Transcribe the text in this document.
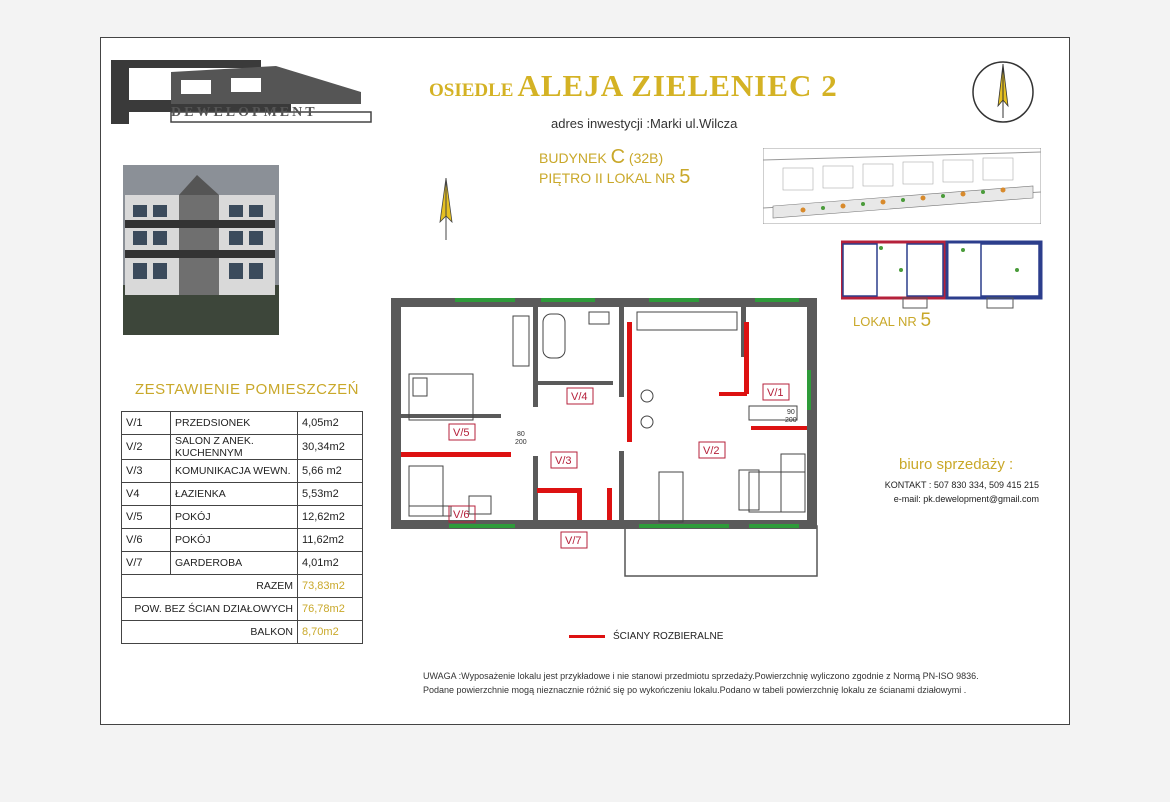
DEWELOPMENT
OSIEDLE ALEJA ZIELENIEC 2
adres inwestycji :Marki ul.Wilcza
BUDYNEK C (32B)
PIĘTRO II LOKAL NR 5
LOKAL NR 5
ZESTAWIENIE POMIESZCZEŃ
V/1	PRZEDSIONEK	4,05m2
V/2	SALON Z ANEK. KUCHENNYM	30,34m2
V/3	KOMUNIKACJA WEWN.	5,66 m2
V4	ŁAZIENKA	5,53m2
V/5	POKÓJ	12,62m2
V/6	POKÓJ	11,62m2
V/7	GARDEROBA	4,01m2
RAZEM		73,83m2
POW. BEZ ŚCIAN DZIAŁOWYCH		76,78m2
BALKON		8,70m2
V/4	V/1
V/5
V/3
V/2
V/6
V/7
80
200
90
200
ŚCIANY ROZBIERALNE
biuro sprzedaży :
KONTAKT : 507 830 334, 509 415 215
e-mail: pk.dewelopment@gmail.com
UWAGA :Wyposażenie lokalu jest przykładowe i nie stanowi przedmiotu sprzedaży.Powierzchnię wyliczono zgodnie z Normą PN-ISO 9836.
Podane powierzchnie mogą nieznacznie różnić się po wykończeniu lokalu.Podano w tabeli powierzchnię lokalu ze ścianami działowymi .
